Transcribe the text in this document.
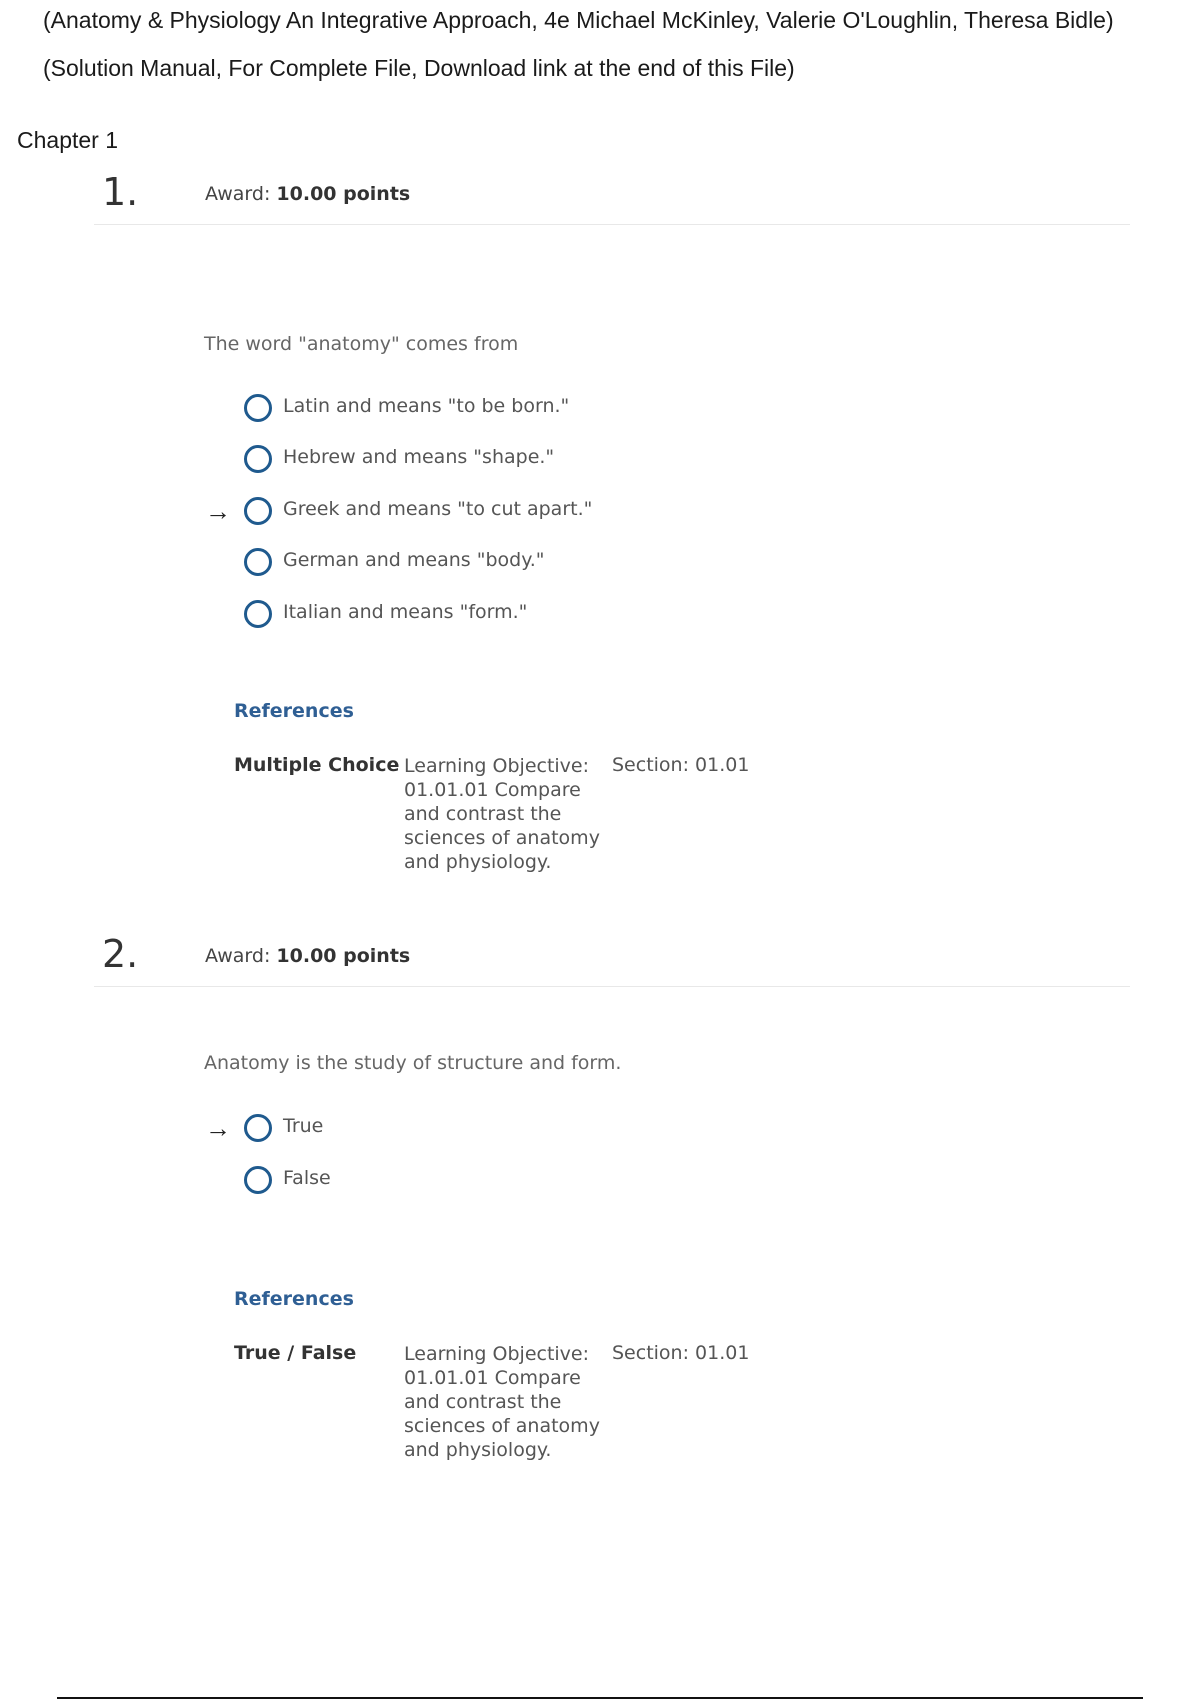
(Anatomy & Physiology An Integrative Approach, 4e Michael McKinley, Valerie O'Loughlin, Theresa Bidle)
(Solution Manual, For Complete File, Download link at the end of this File)
Chapter 1
1.	Award: 10.00 points
The word "anatomy" comes from
Latin and means "to be born."
Hebrew and means "shape."
→	Greek and means "to cut apart."
German and means "body."
Italian and means "form."
References
Multiple Choice Learning Objective: 01.01.01 Compare and contrast the sciences of anatomy and physiology.
Section: 01.01
2.	Award: 10.00 points
Anatomy is the study of structure and form.
→	True
False
References
True / False	Learning Objective: 01.01.01 Compare and contrast the sciences of anatomy and physiology.
Section: 01.01
